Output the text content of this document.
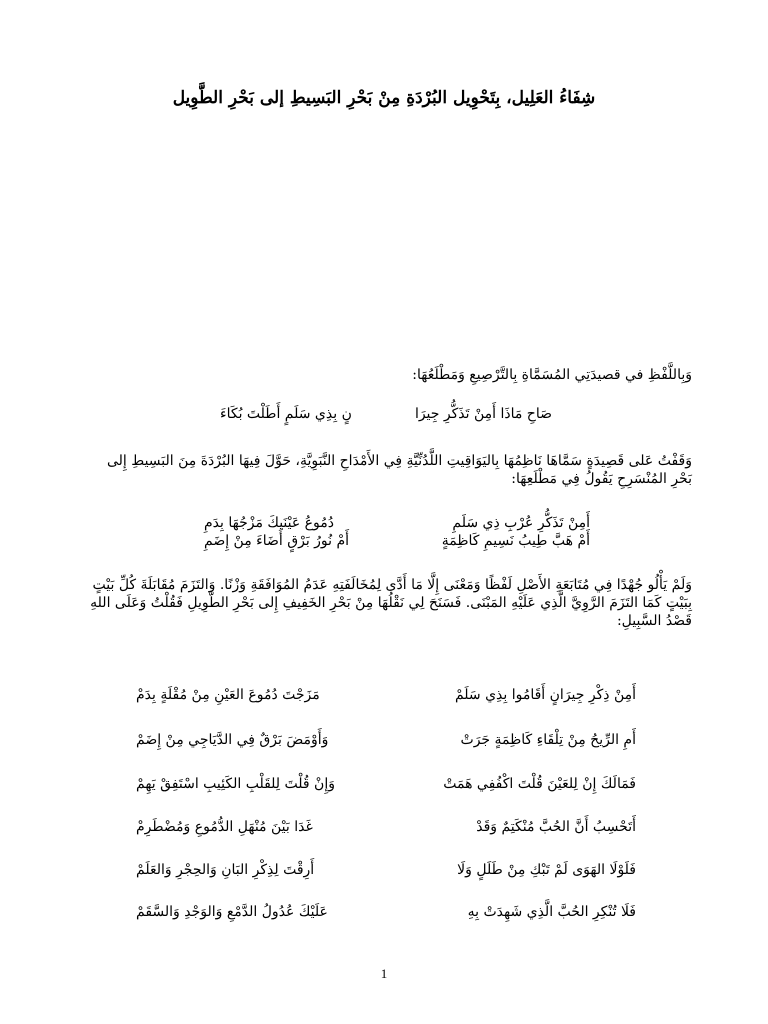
شِفَاءُ العَلِيل، بِتَحْوِيل البُرْدَةِ مِنْ بَحْرِ البَسِيطِ إلى بَحْرِ الطَّوِيل
وَبِاللَّفْظِ في قصيدَتِي المُسَمَّاةِ بِالتَّرْصِيعِ وَمَطْلَعُهَا:
صَاحِ مَاذَا أَمِنْ تَذَكُّرِ جِيرَا
نٍ بِذِي سَلَمٍ أَطَلْتَ بُكَاءَ
وَقَفْتُ عَلى قَصِيدَةٍ سَمَّاهَا نَاظِمُهَا بِاليَوَاقِيتِ اللَّدُنِّيَّةِ فِي الأَمْدَاحِ النَّبَوِيَّةِ، حَوَّلَ فِيهَا البُرْدَةَ مِنَ البَسِيطِ إِلى بَحْرِ المُنْسَرِحِ يَقُولُ فِي مَطْلَعِهَا:
أَمِنْ تَذَكُّرِ عُرْبِ ذِي سَلَمِ
دُمُوعُ عَيْنَيكَ مَزْجُهَا بِدَمِ
أَمْ هَبَّ طِيبُ نَسِيمِ كَاظِمَةٍ
أَمْ نُورُ بَرْقٍ أَضَاءَ مِنْ إِضَمِ
وَلَمْ يَأْلُو جُهْدًا فِي مُتَابَعَةِ الأَصْلِ لَفْظًا وَمَعْنَى إِلَّا مَا أَدَّى لِمُخَالَفَتِهِ عَدَمُ المُوَافَقَةِ وَزْنًا. وَالتَزَمَ مُقَابَلَةَ كُلِّ بَيْتٍ بِبَيْتٍ كَمَا التَزَمَ الرَّوِيَّ الَّذِي عَلَيْهِ المَبْنَى. فَسَنَحَ لِي نَقْلُهَا مِنْ بَحْرِ الخَفِيفِ إِلى بَحْرِ الطَّوِيلِ فَقُلْتُ وَعَلَى اللهِ قَصْدُ السَّبِيلِ:
أَمِنْ ذِكْرِ جِيرَانٍ أَقَامُوا بِذِي سَلَمْ
مَزَجْتَ دُمُوعَ العَيْنِ مِنْ مُقْلَةٍ بِدَمْ
أَمِ الرِّيحُ مِنْ تِلْقَاءِ كَاظِمَةٍ جَرَتْ
وَأَوْمَضَ بَرْقٌ فِي الدَّيَاجِي مِنْ إِضَمْ
فَمَالَكَ إِنْ لِلعَيْنَ قُلْتَ اكْفُفِي هَمَتْ
وَإِنْ قُلْتَ لِلقَلْبِ الكَئِيبِ اسْتَفِقْ يَهِمْ
أَتَحْسِبُ أَنَّ الحُبَّ مُنْكَتِمٌ وَقَدْ
غَدَا بَيْنَ مُنْهَلِ الدُّمُوعِ وَمُضْطَرِمْ
فَلَوْلَا الهَوَى لَمْ تَبْكِ مِنْ طَلَلٍ وَلَا
أَرِقْتَ لِذِكْرِ البَانِ وَالحِجْرِ وَالعَلَمْ
فَلَا تُنْكِرِ الحُبَّ الَّذِي شَهِدَتْ بِهِ
عَلَيْكَ عُدُولُ الدَّمْعِ وَالوَجْدِ وَالسَّقَمْ
1
